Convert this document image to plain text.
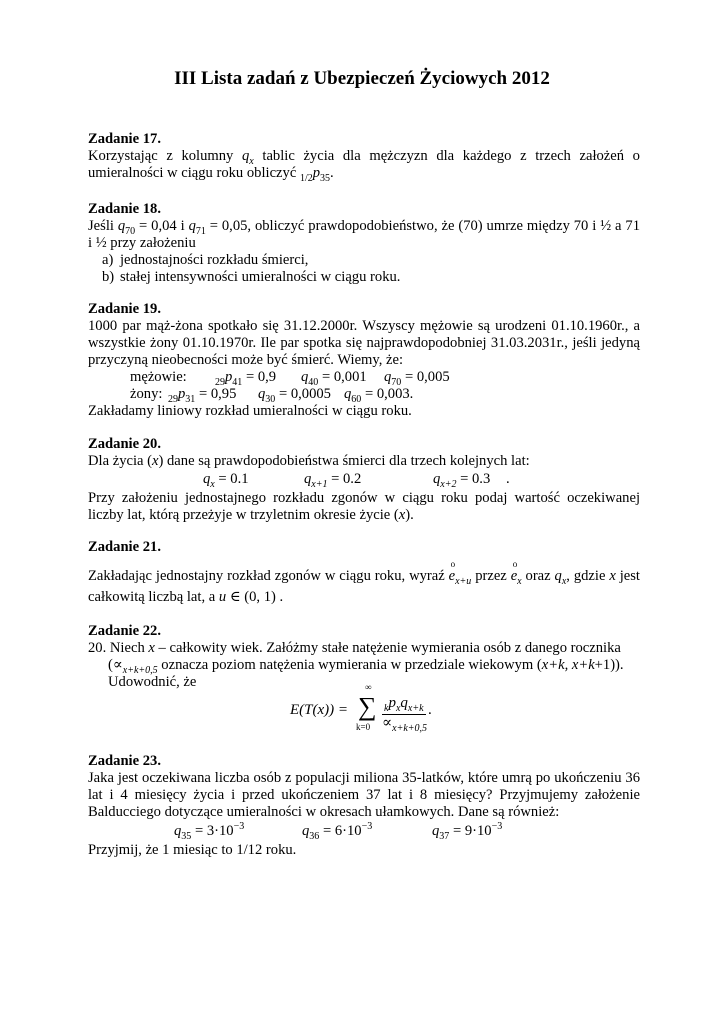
III Lista zadań z Ubezpieczeń Życiowych 2012
Zadanie 17.
Korzystając z kolumny $q_x$ tablic życia dla mężczyzn dla każdego z trzech założeń o umieralności w ciągu roku obliczyć $_{1/2}p_{35}$.
Zadanie 18.
Jeśli $q_{70} = 0,04$ i $q_{71} = 0,05$, obliczyć prawdopodobieństwo, że (70) umrze między 70 i ½ a 71 i ½ przy założeniu
a) jednostajności rozkładu śmierci,
b) stałej intensywności umieralności w ciągu roku.
Zadanie 19.
1000 par mąż-żona spotkało się 31.12.2000r. Wszyscy mężowie są urodzeni 01.10.1960r., a wszystkie żony 01.10.1970r. Ile par spotka się najprawdopodobniej 31.03.2031r., jeśli jedyną przyczyną nieobecności może być śmierć. Wiemy, że:
mężowie:	$_{29}p_{41} = 0,9$ $q_{40} = 0,001$ $q_{70} = 0,005$
żony: $_{29}p_{31} = 0,95$ $q_{30} = 0,0005$ $q_{60} = 0,003$.
Zakładamy liniowy rozkład umieralności w ciągu roku.
Zadanie 20.
Dla życia (x) dane są prawdopodobieństwa śmierci dla trzech kolejnych lat:
$q_x = 0.1$	$q_{x+1} = 0.2$	$q_{x+2} = 0.3$ .
Przy założeniu jednostajnego rozkładu zgonów w ciągu roku podaj wartość oczekiwanej liczby lat, którą przeżyje w trzyletnim okresie życie (x).
Zadanie 21.
Zakładając jednostajny rozkład zgonów w ciągu roku, wyraź
o
$e_{x+u}$ przez
o
$e_x$ oraz $q_x$, gdzie x jest całkowitą liczbą lat, a u ∈ (0, 1) .
Zadanie 22.
20. Niech x – całkowity wiek. Załóżmy stałe natężenie wymierania osób z danego rocznika
($\propto_{x+k+0,5}$ oznacza poziom natężenia wymierania w przedziale wiekowym (x+k, x+k+1)).
Udowodnić, że
E(T(x)) =
∞
∑
k=0
$_kp_xq_{x+k}$
$\propto_{x+k+0,5}$
.
Zadanie 23.
Jaka jest oczekiwana liczba osób z populacji miliona 35-latków, które umrą po ukończeniu 36 lat i 4 miesięcy życia i przed ukończeniem 37 lat i 8 miesięcy? Przyjmujemy założenie Balducciego dotyczące umieralności w okresach ułamkowych. Dane są również:
$q_{35} = 3\cdot 10^{-3}$	$q_{36} = 6\cdot 10^{-3}$	$q_{37} = 9\cdot 10^{-3}$
Przyjmij, że 1 miesiąc to 1/12 roku.
